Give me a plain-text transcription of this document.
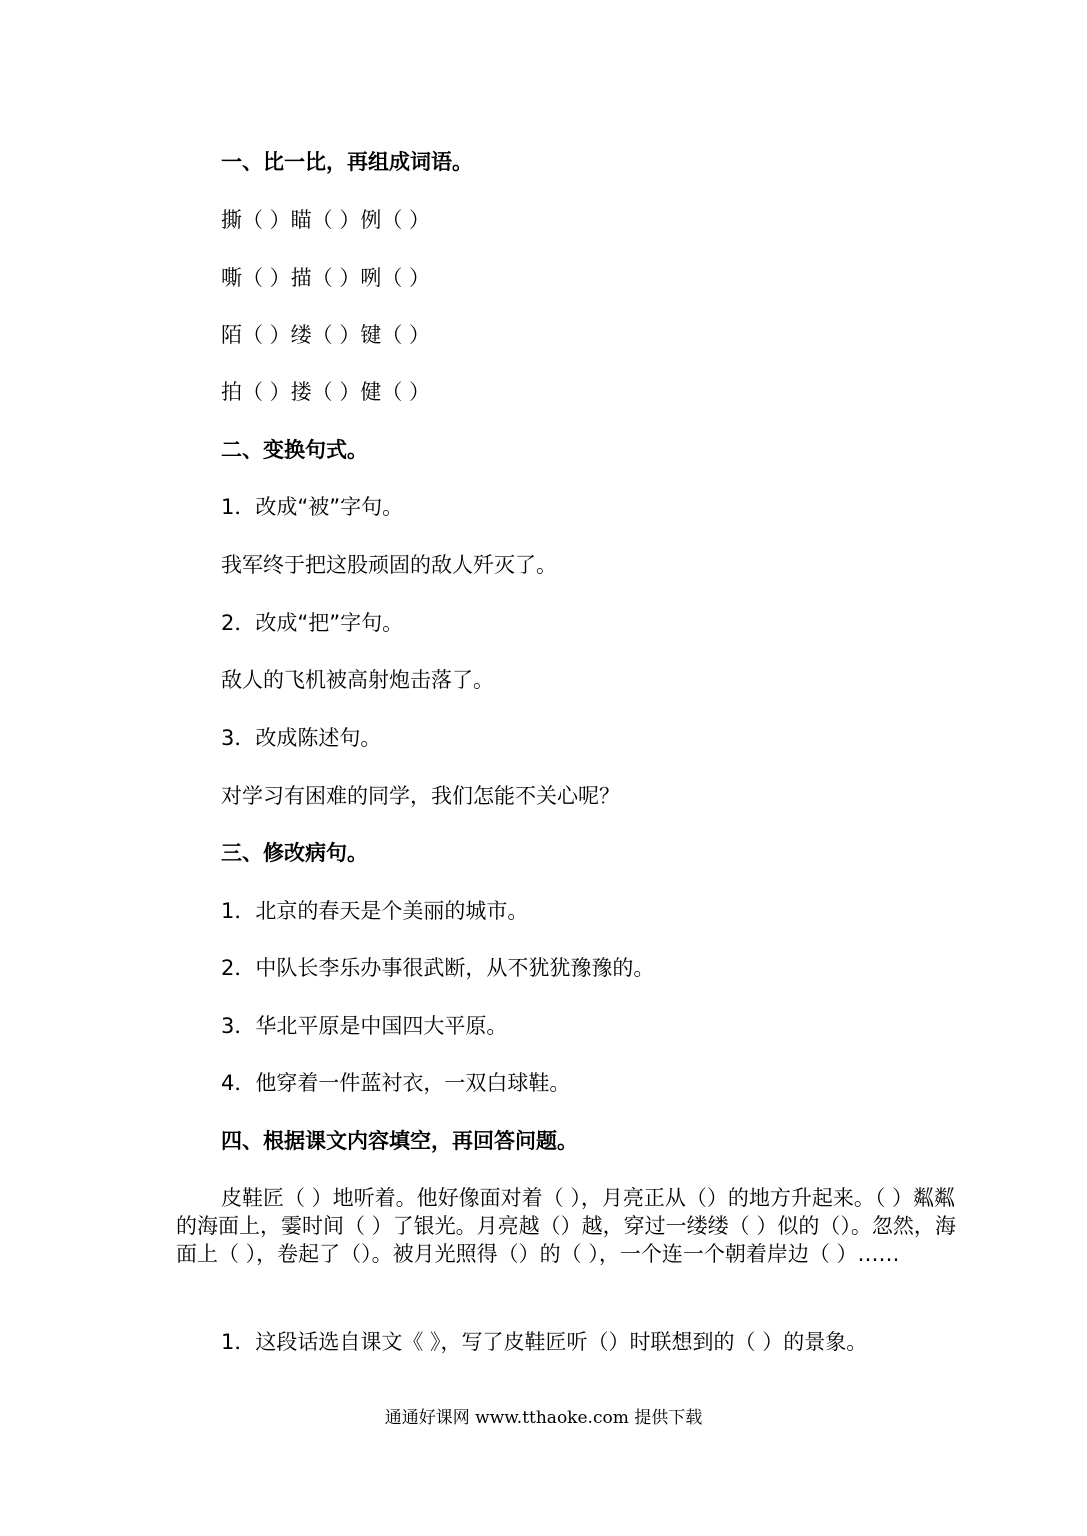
一、比一比，再组成词语。
撕（ ）瞄（ ）例（ ）
嘶（ ）描（ ）咧（ ）
陌（ ）缕（ ）键（ ）
拍（ ）搂（ ）健（ ）
二、变换句式。
1．改成“被”字句。
我军终于把这股顽固的敌人歼灭了。
2．改成“把”字句。
敌人的飞机被高射炮击落了。
3．改成陈述句。
对学习有困难的同学，我们怎能不关心呢？
三、修改病句。
1．北京的春天是个美丽的城市。
2．中队长李乐办事很武断，从不犹犹豫豫的。
3．华北平原是中国四大平原。
4．他穿着一件蓝衬衣，一双白球鞋。
四、根据课文内容填空，再回答问题。
皮鞋匠（ ）地听着。他好像面对着（ ），月亮正从（）的地方升起来。（ ）粼粼的海面上，霎时间（ ）了银光。月亮越（）越，穿过一缕缕（ ）似的（）。忽然，海面上（ ），卷起了（）。被月光照得（）的（ ），一个连一个朝着岸边（ ）……
1．这段话选自课文《 》，写了皮鞋匠听（）时联想到的（ ）的景象。
通通好课网 www.tthaoke.com 提供下载
